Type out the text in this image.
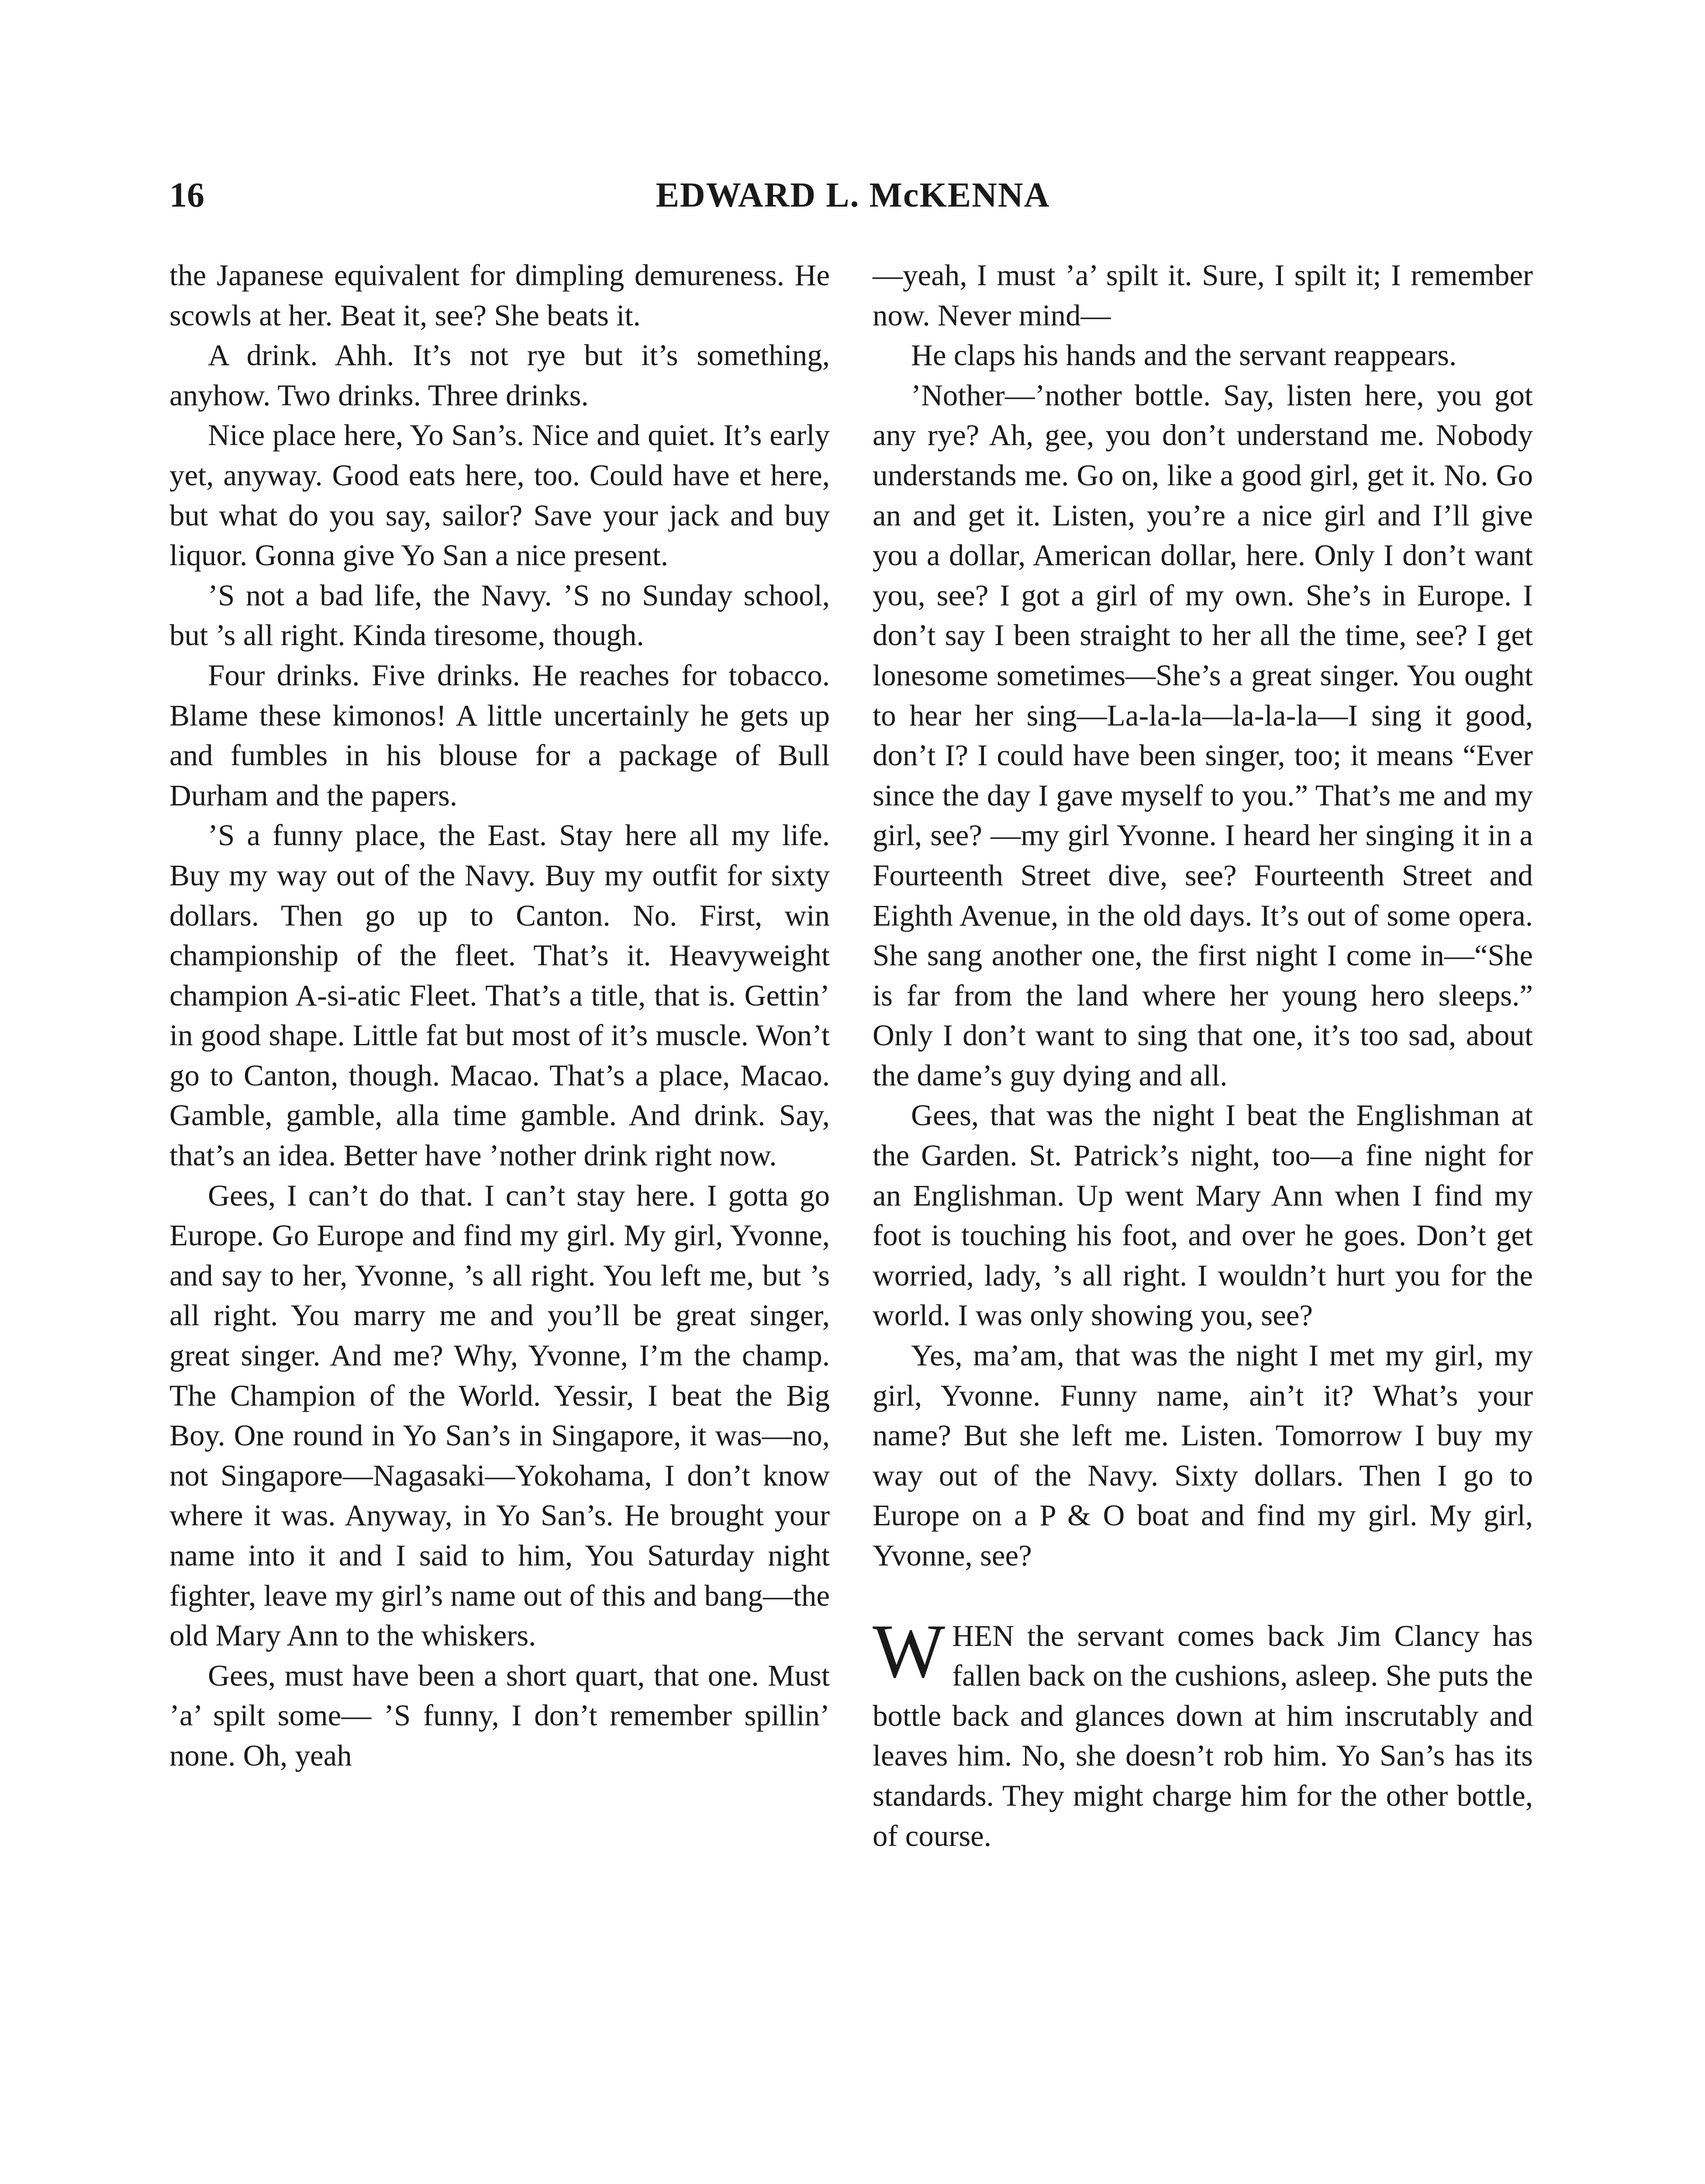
16	EDWARD L. McKENNA

the Japanese equivalent for dimpling demureness. He scowls at her. Beat it, see? She beats it.

A drink. Ahh. It’s not rye but it’s something, anyhow. Two drinks. Three drinks.

Nice place here, Yo San’s. Nice and quiet. It’s early yet, anyway. Good eats here, too. Could have et here, but what do you say, sailor? Save your jack and buy liquor. Gonna give Yo San a nice present.

’S not a bad life, the Navy. ’S no Sunday school, but ’s all right. Kinda tiresome, though.

Four drinks. Five drinks. He reaches for tobacco. Blame these kimonos! A little uncertainly he gets up and fumbles in his blouse for a package of Bull Durham and the papers.

’S a funny place, the East. Stay here all my life. Buy my way out of the Navy. Buy my outfit for sixty dollars. Then go up to Canton. No. First, win championship of the fleet. That’s it. Heavyweight champion A-si-atic Fleet. That’s a title, that is. Gettin’ in good shape. Little fat but most of it’s muscle. Won’t go to Canton, though. Macao. That’s a place, Macao. Gamble, gamble, alla time gamble. And drink. Say, that’s an idea. Better have ’nother drink right now.

Gees, I can’t do that. I can’t stay here. I gotta go Europe. Go Europe and find my girl. My girl, Yvonne, and say to her, Yvonne, ’s all right. You left me, but ’s all right. You marry me and you’ll be great singer, great singer. And me? Why, Yvonne, I’m the champ. The Champion of the World. Yessir, I beat the Big Boy. One round in Yo San’s in Singapore, it was—no, not Singapore—Nagasaki—Yokohama, I don’t know where it was. Anyway, in Yo San’s. He brought your name into it and I said to him, You Saturday night fighter, leave my girl’s name out of this and bang—the old Mary Ann to the whiskers.

Gees, must have been a short quart, that one. Must ’a’ spilt some— ’S funny, I don’t remember spillin’ none. Oh, yeah

—yeah, I must ’a’ spilt it. Sure, I spilt it; I remember now. Never mind—

He claps his hands and the servant reappears.

’Nother—’nother bottle. Say, listen here, you got any rye? Ah, gee, you don’t understand me. Nobody understands me. Go on, like a good girl, get it. No. Go an and get it. Listen, you’re a nice girl and I’ll give you a dollar, American dollar, here. Only I don’t want you, see? I got a girl of my own. She’s in Europe. I don’t say I been straight to her all the time, see? I get lonesome sometimes—She’s a great singer. You ought to hear her sing—La-la-la—la-la-la—I sing it good, don’t I? I could have been singer, too; it means “Ever since the day I gave myself to you.” That’s me and my girl, see? —my girl Yvonne. I heard her singing it in a Fourteenth Street dive, see? Fourteenth Street and Eighth Avenue, in the old days. It’s out of some opera. She sang another one, the first night I come in—“She is far from the land where her young hero sleeps.” Only I don’t want to sing that one, it’s too sad, about the dame’s guy dying and all.

Gees, that was the night I beat the Englishman at the Garden. St. Patrick’s night, too—a fine night for an Englishman. Up went Mary Ann when I find my foot is touching his foot, and over he goes. Don’t get worried, lady, ’s all right. I wouldn’t hurt you for the world. I was only showing you, see?

Yes, ma’am, that was the night I met my girl, my girl, Yvonne. Funny name, ain’t it? What’s your name? But she left me. Listen. Tomorrow I buy my way out of the Navy. Sixty dollars. Then I go to Europe on a P & O boat and find my girl. My girl, Yvonne, see?

WHEN the servant comes back Jim Clancy has fallen back on the cushions, asleep. She puts the bottle back and glances down at him inscrutably and leaves him. No, she doesn’t rob him. Yo San’s has its standards. They might charge him for the other bottle, of course.
